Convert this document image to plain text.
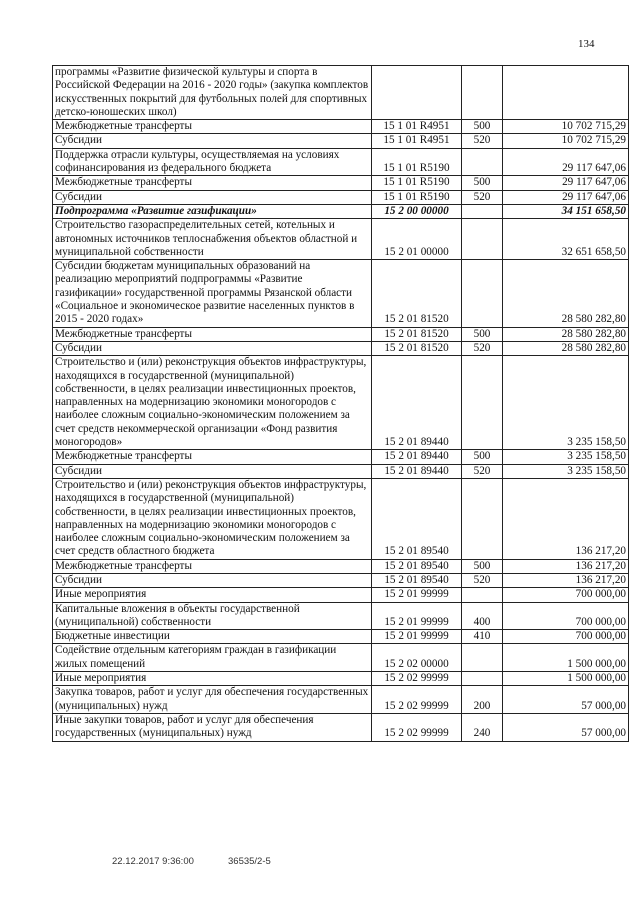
134
программы «Развитие физической культуры и спорта в Российской Федерации на 2016 - 2020 годы» (закупка комплектов искусственных покрытий для футбольных полей для спортивных детско-юношеских школ)			
Межбюджетные трансферты	15 1 01 R4951	500	10 702 715,29
Субсидии	15 1 01 R4951	520	10 702 715,29
Поддержка отрасли культуры, осуществляемая на условиях софинансирования из федерального бюджета	15 1 01 R5190		29 117 647,06
Межбюджетные трансферты	15 1 01 R5190	500	29 117 647,06
Субсидии	15 1 01 R5190	520	29 117 647,06
Подпрограмма «Развитие газификации»	15 2 00 00000		34 151 658,50
Строительство газораспределительных сетей, котельных и автономных источников теплоснабжения объектов областной и муниципальной собственности	15 2 01 00000		32 651 658,50
Субсидии бюджетам муниципальных образований на реализацию мероприятий подпрограммы «Развитие газификации» государственной программы Рязанской области «Социальное и экономическое развитие населенных пунктов в 2015 - 2020 годах»	15 2 01 81520		28 580 282,80
Межбюджетные трансферты	15 2 01 81520	500	28 580 282,80
Субсидии	15 2 01 81520	520	28 580 282,80
Строительство и (или) реконструкция объектов инфраструктуры, находящихся в государственной (муниципальной) собственности, в целях реализации инвестиционных проектов, направленных на модернизацию экономики моногородов с наиболее сложным социально-экономическим положением за счет средств некоммерческой организации «Фонд развития моногородов»	15 2 01 89440		3 235 158,50
Межбюджетные трансферты	15 2 01 89440	500	3 235 158,50
Субсидии	15 2 01 89440	520	3 235 158,50
Строительство и (или) реконструкция объектов инфраструктуры, находящихся в государственной (муниципальной) собственности, в целях реализации инвестиционных проектов, направленных на модернизацию экономики моногородов с наиболее сложным социально-экономическим положением за счет средств областного бюджета	15 2 01 89540		136 217,20
Межбюджетные трансферты	15 2 01 89540	500	136 217,20
Субсидии	15 2 01 89540	520	136 217,20
Иные мероприятия	15 2 01 99999		700 000,00
Капитальные вложения в объекты государственной (муниципальной) собственности	15 2 01 99999	400	700 000,00
Бюджетные инвестиции	15 2 01 99999	410	700 000,00
Содействие отдельным категориям граждан в газификации жилых помещений	15 2 02 00000		1 500 000,00
Иные мероприятия	15 2 02 99999		1 500 000,00
Закупка товаров, работ и услуг для обеспечения государственных (муниципальных) нужд	15 2 02 99999	200	57 000,00
Иные закупки товаров, работ и услуг для обеспечения государственных (муниципальных) нужд	15 2 02 99999	240	57 000,00
22.12.2017 9:36:00	36535/2-5
